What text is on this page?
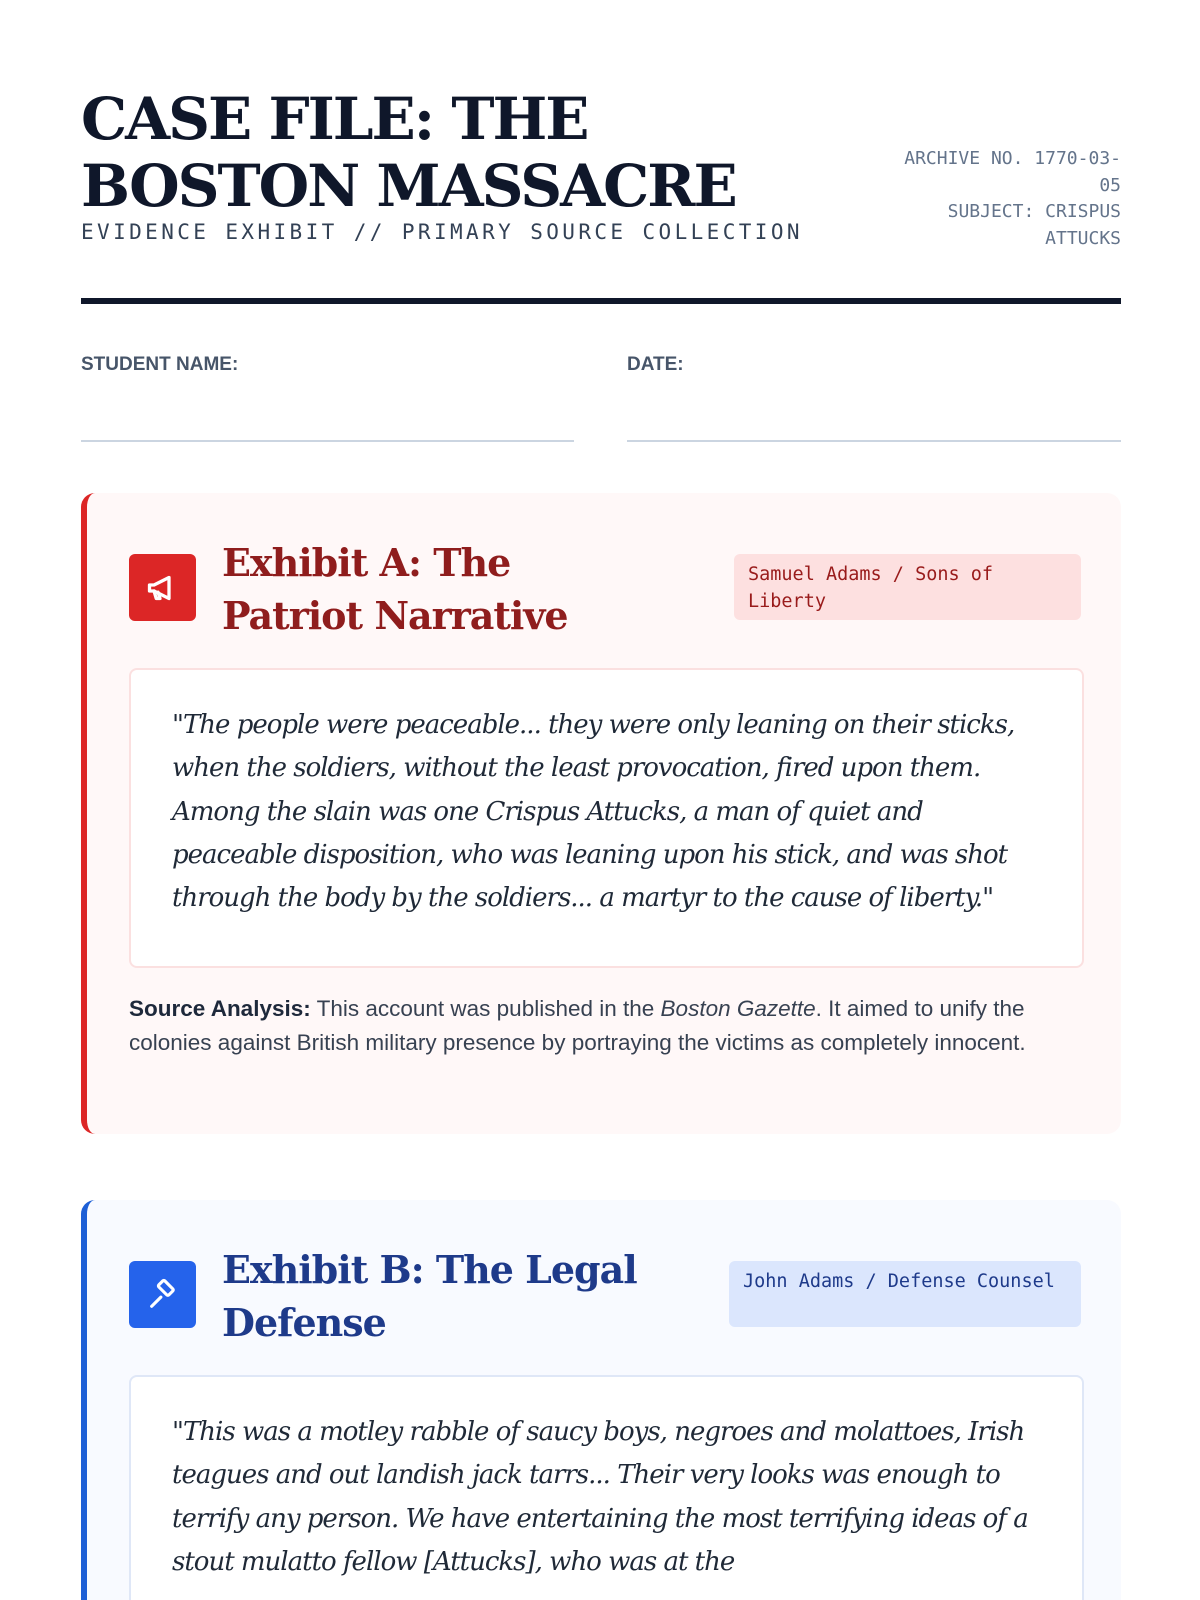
CASE FILE: THE BOSTON MASSACRE
EVIDENCE EXHIBIT // PRIMARY SOURCE COLLECTION
ARCHIVE NO. 1770-03-05
SUBJECT: CRISPUS ATTUCKS
STUDENT NAME:	DATE:
Exhibit A: The Patriot Narrative
Samuel Adams / Sons of Liberty

"The people were peaceable... they were only leaning on their sticks, when the soldiers, without the least provocation, fired upon them. Among the slain was one Crispus Attucks, a man of quiet and peaceable disposition, who was leaning upon his stick, and was shot through the body by the soldiers... a martyr to the cause of liberty."

Source Analysis: This account was published in the Boston Gazette. It aimed to unify the colonies against British military presence by portraying the victims as completely innocent.

Exhibit B: The Legal Defense
John Adams / Defense Counsel

"This was a motley rabble of saucy boys, negroes and molattoes, Irish teagues and out landish jack tarrs... Their very looks was enough to terrify any person. We have entertaining the most terrifying ideas of a stout mulatto fellow [Attucks], who was at the
